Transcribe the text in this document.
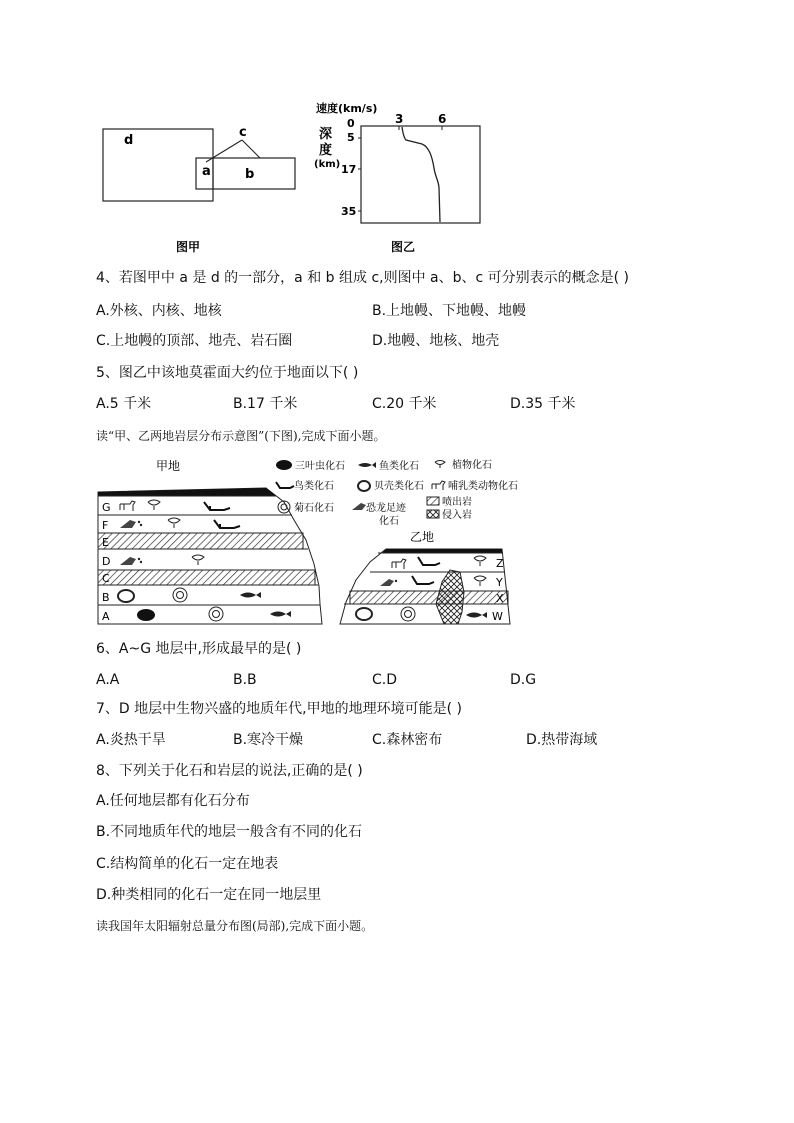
d
a	b
c
图甲
速度(km/s)
3	6
0
5
17
35
深
度
(km)
图乙
4、若图甲中 a 是 d 的一部分，a 和 b 组成 c,则图中 a、b、c 可分别表示的概念是( )
A.外核、内核、地核	B.上地幔、下地幔、地幔
C.上地幔的顶部、地壳、岩石圈	D.地幔、地核、地壳
5、图乙中该地莫霍面大约位于地面以下( )
A.5 千米	B.17 千米	C.20 千米	D.35 千米
读“甲、乙两地岩层分布示意图”(下图),完成下面小题。
甲地
G
F
E
D
C
B
A
三叶虫化石	鱼类化石	植物化石
鸟类化石	贝壳类化石 哺乳类动物化石
菊石化石	恐龙足迹
化石
喷出岩
侵入岩
乙地
Z
Y
X
W
6、A~G 地层中,形成最早的是( )
A.A	B.B	C.D	D.G
7、D 地层中生物兴盛的地质年代,甲地的地理环境可能是( )
A.炎热干旱	B.寒冷干燥	C.森林密布	D.热带海域
8、下列关于化石和岩层的说法,正确的是( )
A.任何地层都有化石分布
B.不同地质年代的地层一般含有不同的化石
C.结构简单的化石一定在地表
D.种类相同的化石一定在同一地层里
读我国年太阳辐射总量分布图(局部),完成下面小题。
